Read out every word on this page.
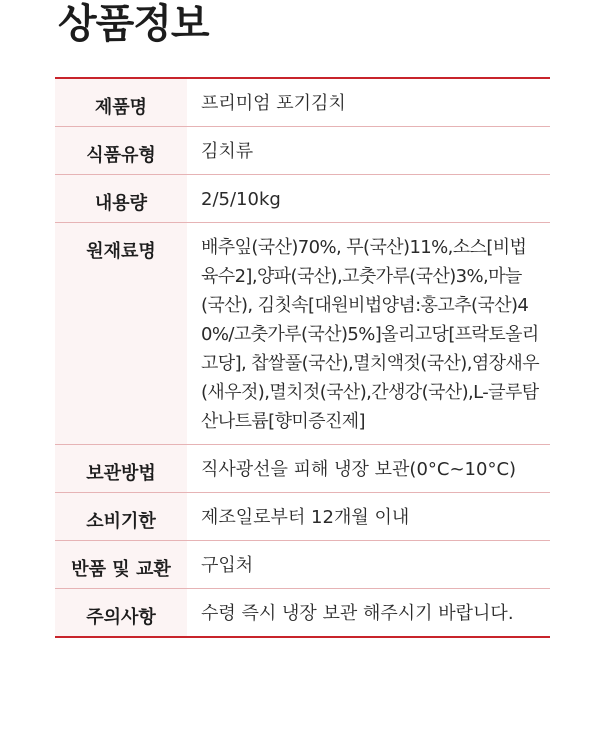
상품정보
제품명	프리미엄 포기김치
식품유형	김치류
내용량	2/5/10kg
원재료명	배추잎(국산)70%, 무(국산)11%,소스[비법육수2],양파(국산),고춧가루(국산)3%,마늘(국산), 김칫속[대원비법양념:홍고추(국산)40%/고춧가루(국산)5%]올리고당[프락토올리고당], 찹쌀풀(국산),멸치액젓(국산),염장새우(새우젓),멸치젓(국산),간생강(국산),L-글루탐산나트륨[향미증진제]
보관방법	직사광선을 피해 냉장 보관(0°C~10°C)
소비기한	제조일로부터 12개월 이내
반품 및 교환	구입처
주의사항	수령 즉시 냉장 보관 해주시기 바랍니다.
